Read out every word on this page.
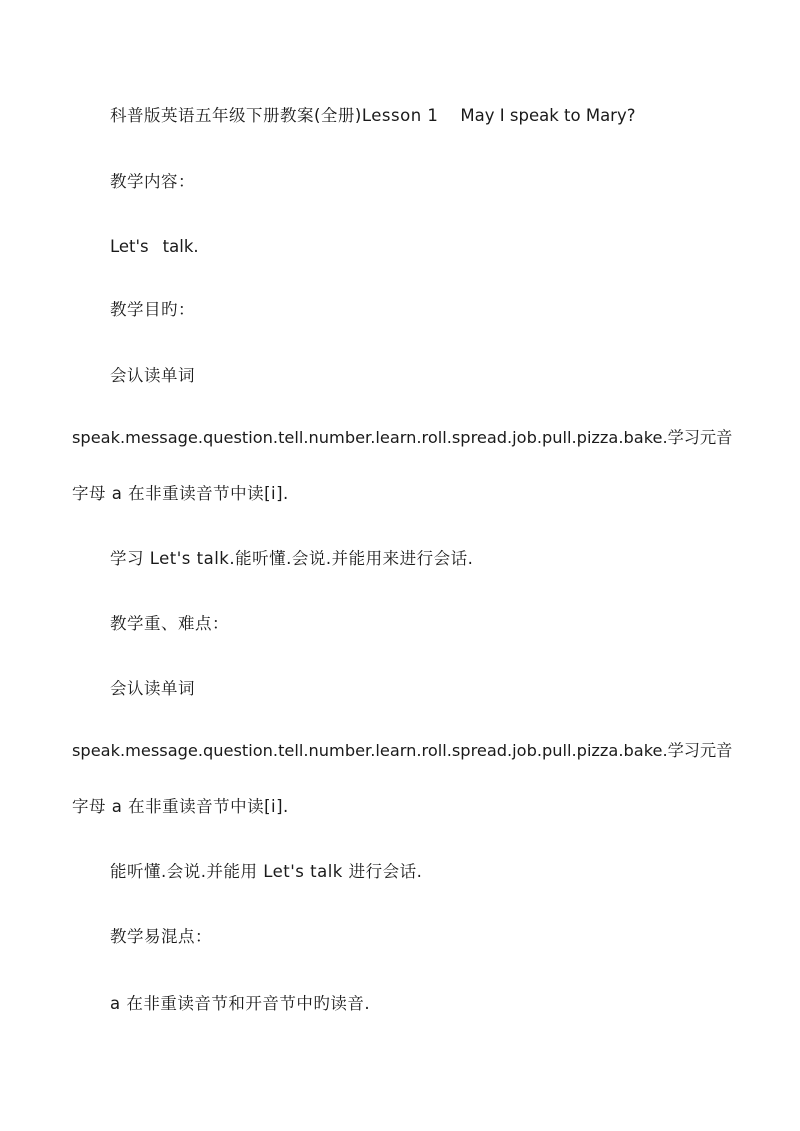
科普版英语五年级下册教案(全册)Lesson 1 May I speak to Mary?
教学内容：
Let's talk.
教学目旳：
会认读单词
speak.message.question.tell.number.learn.roll.spread.job.pull.pizza.bake.学习元音
字母 a 在非重读音节中读[i].
学习 Let's talk.能听懂.会说.并能用来进行会话.
教学重、难点：
会认读单词
speak.message.question.tell.number.learn.roll.spread.job.pull.pizza.bake.学习元音
字母 a 在非重读音节中读[i].
能听懂.会说.并能用 Let's talk 进行会话.
教学易混点：
a 在非重读音节和开音节中旳读音.
